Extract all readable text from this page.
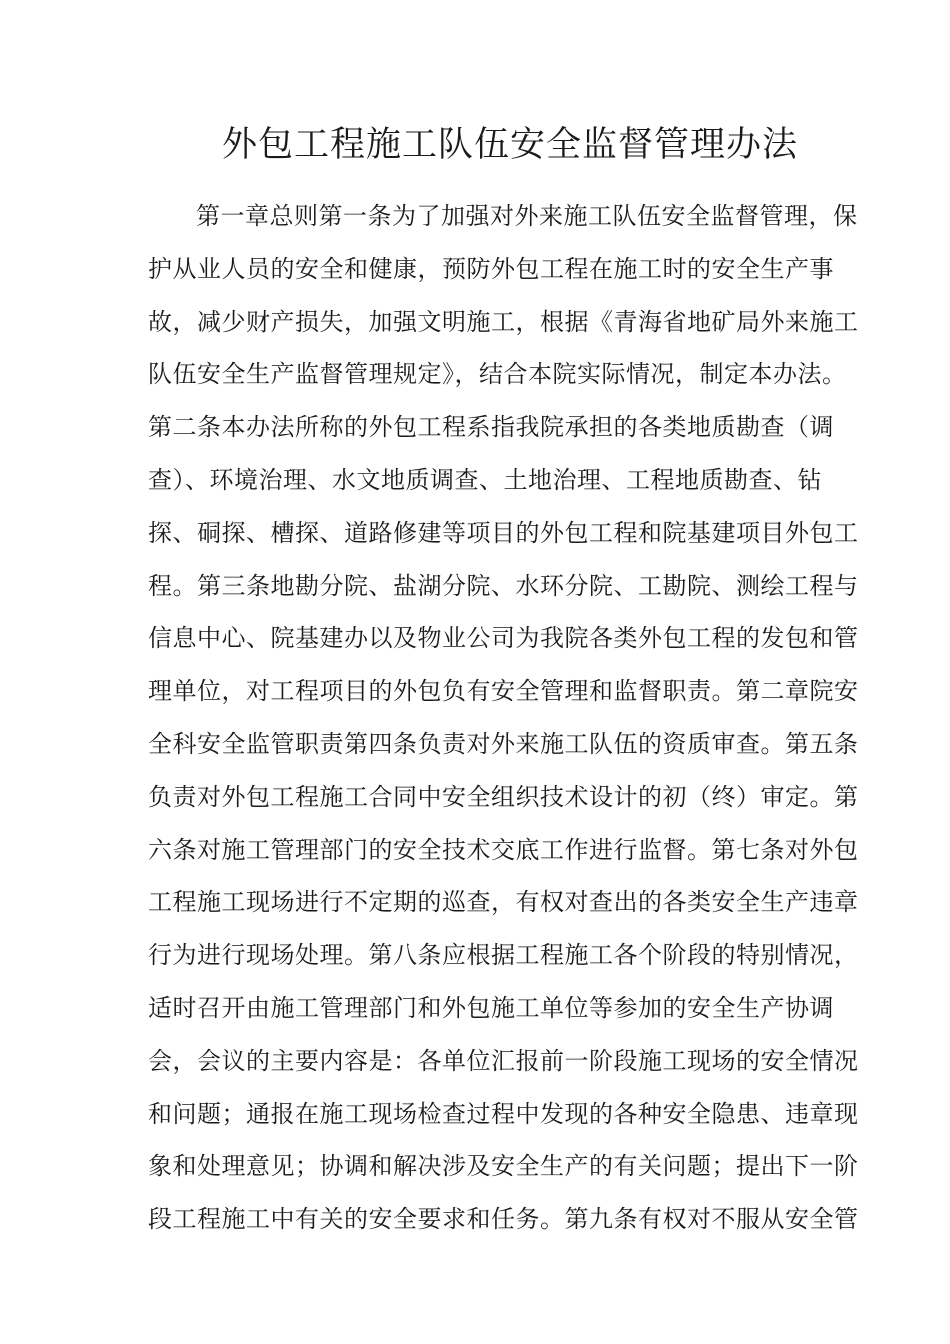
外包工程施工队伍安全监督管理办法
第一章总则第一条为了加强对外来施工队伍安全监督管理，保
护从业人员的安全和健康，预防外包工程在施工时的安全生产事
故，减少财产损失，加强文明施工，根据《青海省地矿局外来施工
队伍安全生产监督管理规定》，结合本院实际情况，制定本办法。
第二条本办法所称的外包工程系指我院承担的各类地质勘查（调
查）、环境治理、水文地质调查、土地治理、工程地质勘查、钻
探、硐探、槽探、道路修建等项目的外包工程和院基建项目外包工
程。第三条地勘分院、盐湖分院、水环分院、工勘院、测绘工程与
信息中心、院基建办以及物业公司为我院各类外包工程的发包和管
理单位，对工程项目的外包负有安全管理和监督职责。第二章院安
全科安全监管职责第四条负责对外来施工队伍的资质审查。第五条
负责对外包工程施工合同中安全组织技术设计的初（终）审定。第
六条对施工管理部门的安全技术交底工作进行监督。第七条对外包
工程施工现场进行不定期的巡查，有权对查出的各类安全生产违章
行为进行现场处理。第八条应根据工程施工各个阶段的特别情况，
适时召开由施工管理部门和外包施工单位等参加的安全生产协调
会，会议的主要内容是：各单位汇报前一阶段施工现场的安全情况
和问题；通报在施工现场检查过程中发现的各种安全隐患、违章现
象和处理意见；协调和解决涉及安全生产的有关问题；提出下一阶
段工程施工中有关的安全要求和任务。第九条有权对不服从安全管
